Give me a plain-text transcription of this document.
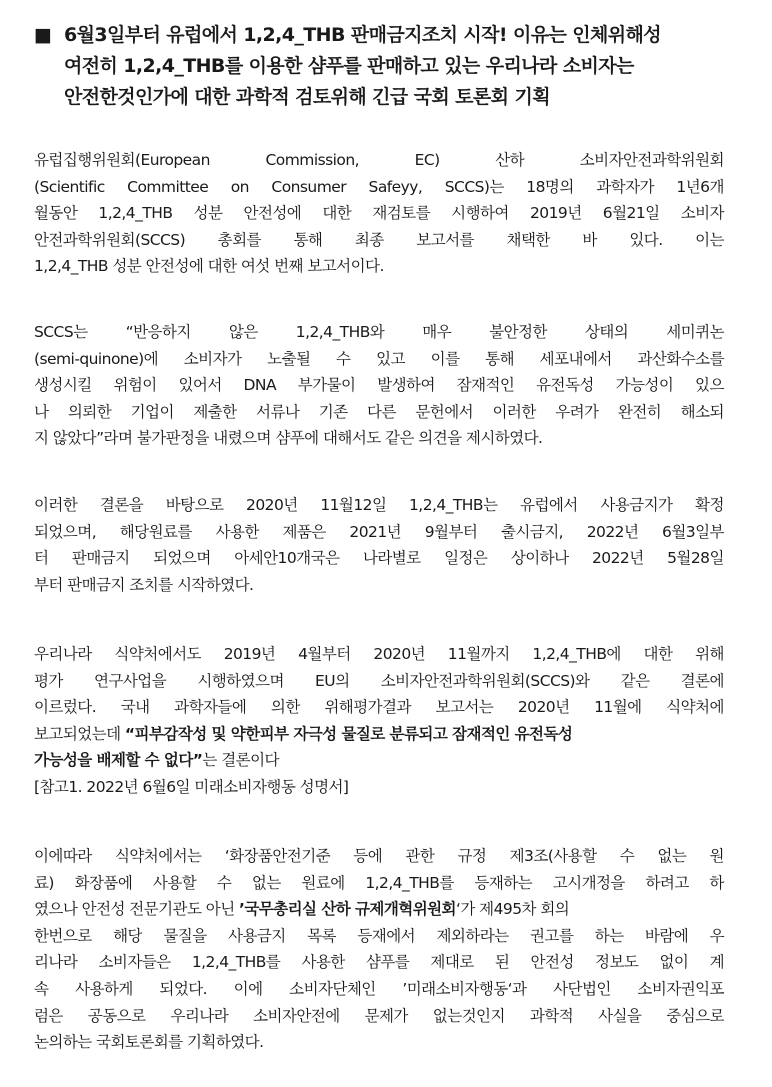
■ 6월3일부터 유럽에서 1,2,4_THB 판매금지조치 시작! 이유는 인체위해성
여전히 1,2,4_THB를 이용한 샴푸를 판매하고 있는 우리나라 소비자는
안전한것인가에 대한 과학적 검토위해 긴급 국회 토론회 기획
유럽집행위원회(European	Commission,	EC)	산하	소비자안전과학위원회
(Scientific Committee on Consumer Safeyy, SCCS)는 18명의 과학자가 1년6개
월동안 1,2,4_THB 성분 안전성에 대한 재검토를 시행하여 2019년 6월21일 소비자
안전과학위원회(SCCS) 총회를 통해 최종 보고서를 채택한 바 있다. 이는
1,2,4_THB 성분 안전성에 대한 여섯 번째 보고서이다.
SCCS는 “반응하지 않은 1,2,4_THB와 매우 불안정한 상태의 세미퀴논
(semi-quinone)에 소비자가 노출될 수 있고 이를 통해 세포내에서 과산화수소를
생성시킬 위험이 있어서 DNA 부가물이 발생하여 잠재적인 유전독성 가능성이 있으
나 의뢰한 기업이 제출한 서류나 기존 다른 문헌에서 이러한 우려가 완전히 해소되
지 않았다”라며 불가판정을 내렸으며 샴푸에 대해서도 같은 의견을 제시하였다.
이러한 결론을 바탕으로 2020년 11월12일 1,2,4_THB는 유럽에서 사용금지가 확정
되었으며, 해당원료를 사용한 제품은 2021년 9월부터 출시금지, 2022년 6월3일부
터 판매금지 되었으며 아세안10개국은 나라별로 일정은 상이하나 2022년 5월28일
부터 판매금지 조치를 시작하였다.
우리나라 식약처에서도 2019년 4월부터 2020년 11월까지 1,2,4_THB에 대한 위해
평가 연구사업을 시행하였으며 EU의 소비자안전과학위원회(SCCS)와 같은 결론에
이르렀다. 국내 과학자들에 의한 위해평가결과 보고서는 2020년 11월에 식약처에
보고되었는데 “피부감작성 및 약한피부 자극성 물질로 분류되고 잠재적인 유전독성
가능성을 배제할 수 없다” 는 결론이다
[참고1. 2022년 6월6일 미래소비자행동 성명서]
이에따라 식약처에서는 ‘화장품안전기준 등에 관한 규정 제3조(사용할 수 없는 원
료) 화장품에 사용할 수 없는 원료에 1,2,4_THB를 등재하는 고시개정을 하려고 하
였으나 안전성 전문기관도 아닌 ’국무총리실 산하 규제개혁위원회 ‘가 제495차 회의
한번으로 해당 물질을 사용금지 목록 등재에서 제외하라는 권고를 하는 바람에 우
리나라 소비자들은 1,2,4_THB를 사용한 샴푸를 제대로 된 안전성 정보도 없이 계
속 사용하게 되었다. 이에 소비자단체인 ’미래소비자행동‘과 사단법인 소비자권익포
럼은 공동으로 우리나라 소비자안전에 문제가 없는것인지 과학적 사실을 중심으로
논의하는 국회토론회를 기획하였다.
